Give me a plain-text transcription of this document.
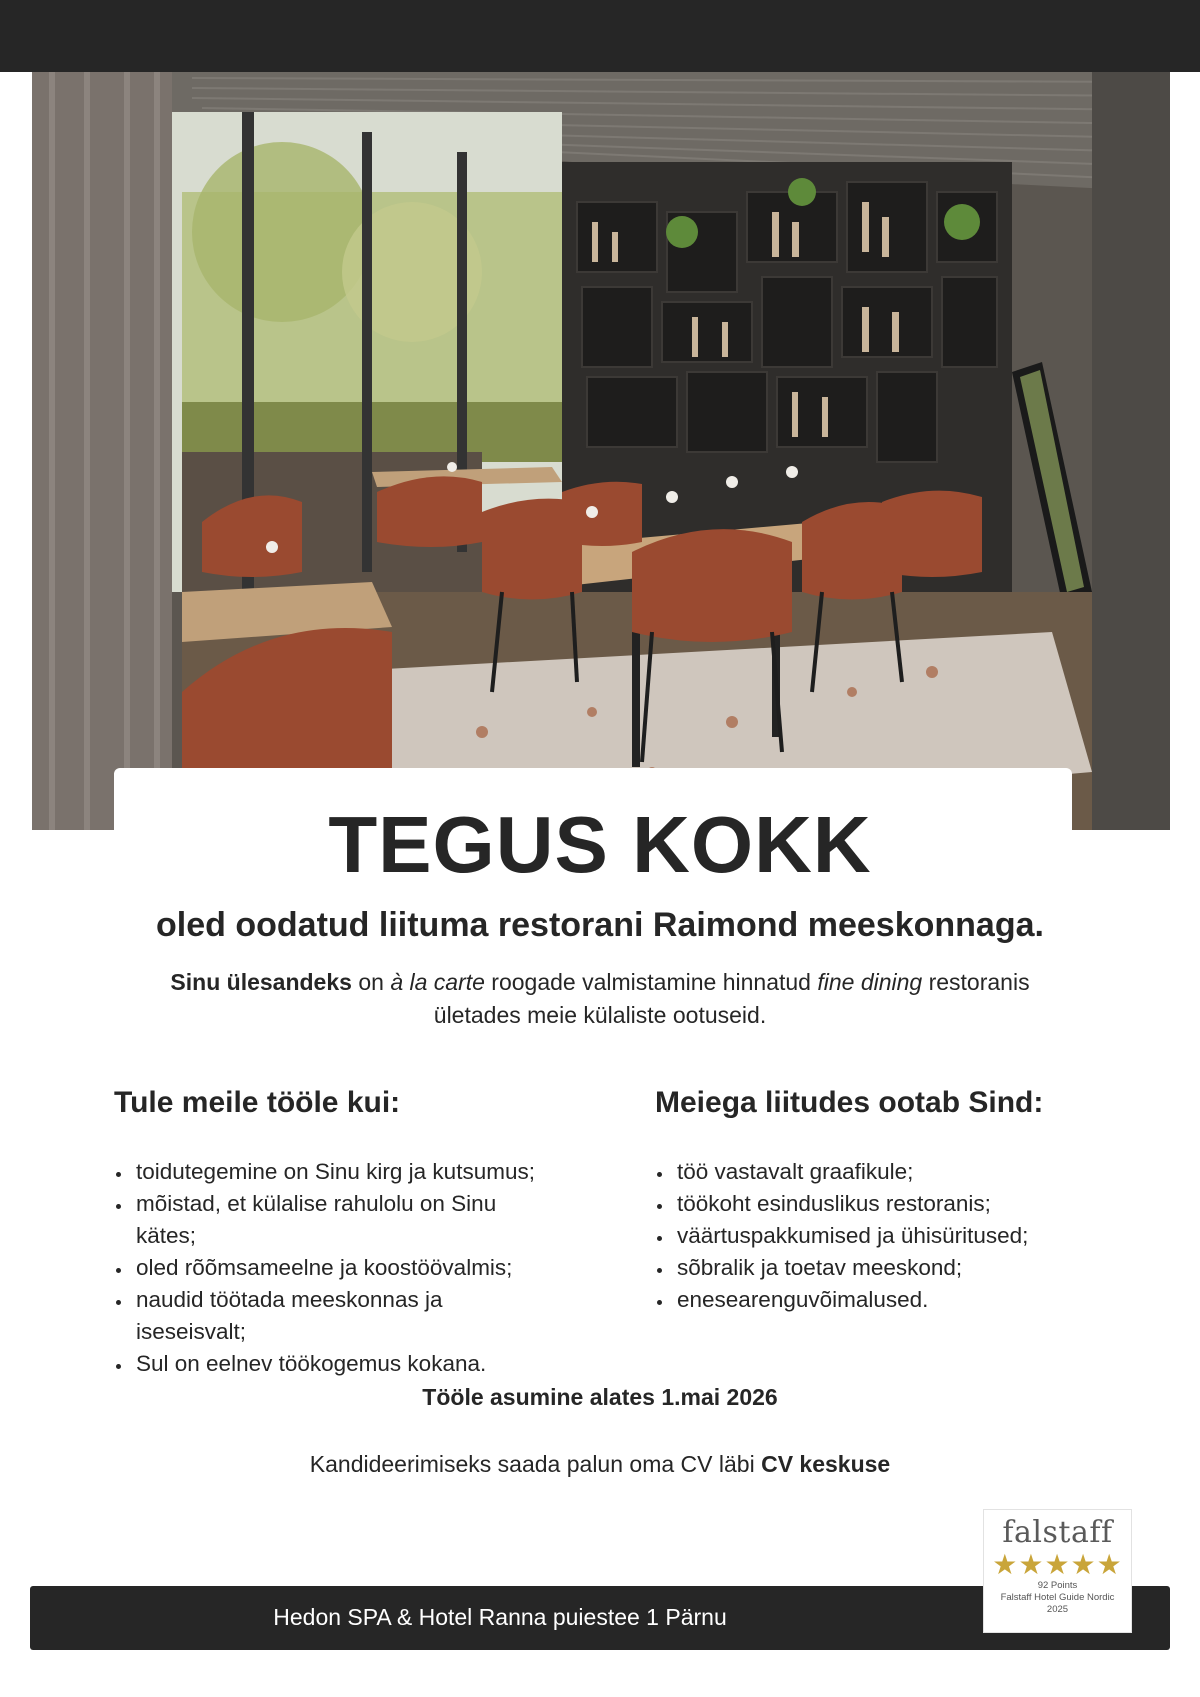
TEGUS KOKK
oled oodatud liituma restorani Raimond meeskonnaga.
Sinu ülesandeks on à la carte roogade valmistamine hinnatud fine dining restoranis
ületades meie külaliste ootuseid.
Tule meile tööle kui:
toidutegemine on Sinu kirg ja kutsumus;
mõistad, et külalise rahulolu on Sinu kätes;
oled rõõmsameelne ja koostöövalmis;
naudid töötada meeskonnas ja iseseisvalt;
Sul on eelnev töökogemus kokana.
Meiega liitudes ootab Sind:
töö vastavalt graafikule;
töökoht esinduslikus restoranis;
väärtuspakkumised ja ühisüritused;
sõbralik ja toetav meeskond;
enesearenguvõimalused.
Tööle asumine alates 1.mai 2026
Kandideerimiseks saada palun oma CV läbi CV keskuse
Hedon SPA & Hotel Ranna puiestee 1 Pärnu
falstaff
★★★★★
92 Points
Falstaff Hotel Guide Nordic
2025
